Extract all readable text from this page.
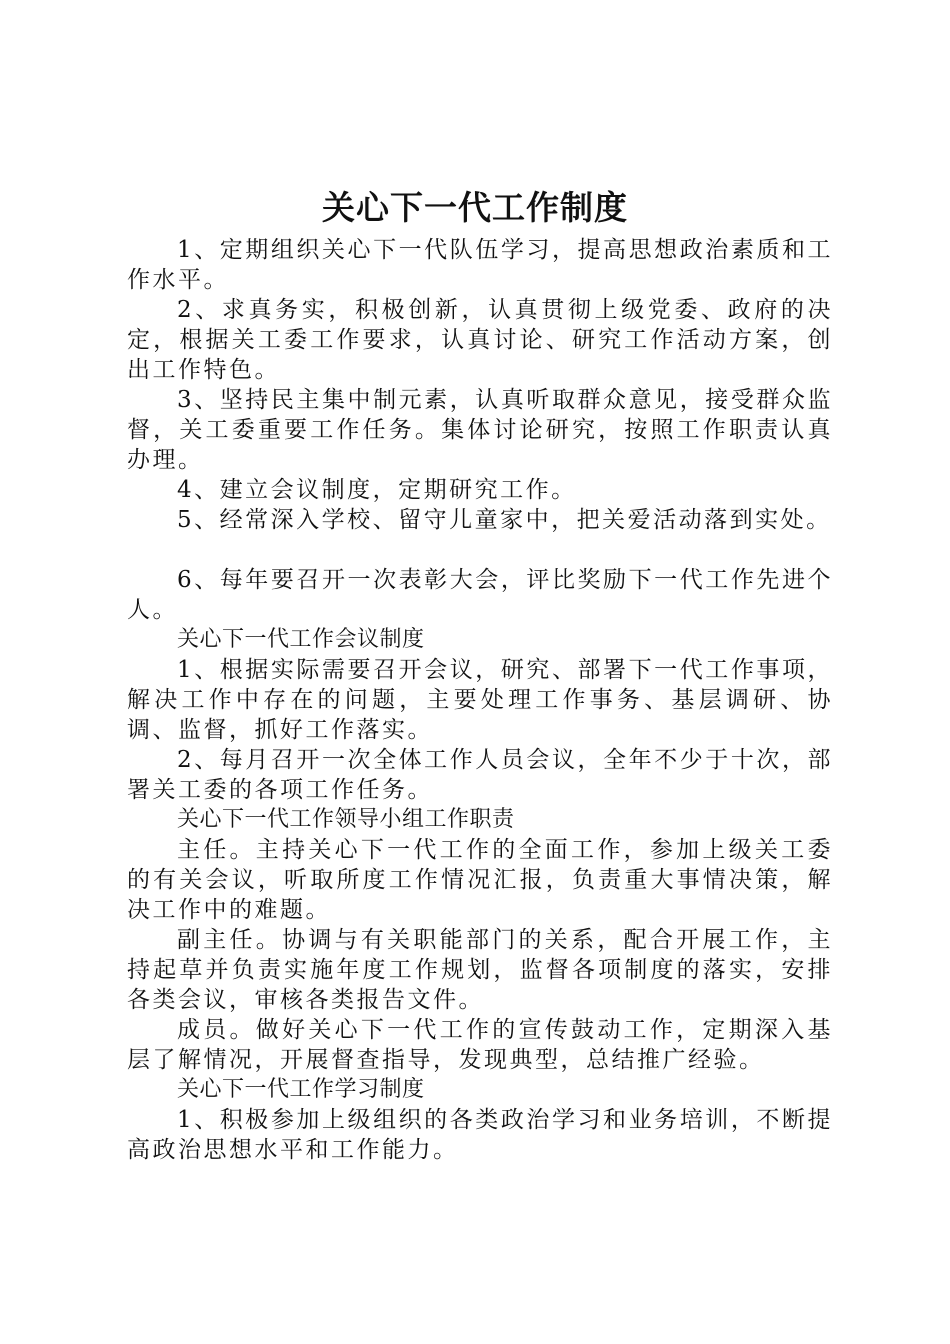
关心下一代工作制度

1、定期组织关心下一代队伍学习，提高思想政治素质和工作水平。

2、求真务实，积极创新，认真贯彻上级党委、政府的决定，根据关工委工作要求，认真讨论、研究工作活动方案，创出工作特色。

3、坚持民主集中制元素，认真听取群众意见，接受群众监督，关工委重要工作任务。集体讨论研究，按照工作职责认真办理。

4、建立会议制度，定期研究工作。

5、经常深入学校、留守儿童家中，把关爱活动落到实处。

6、每年要召开一次表彰大会，评比奖励下一代工作先进个人。

关心下一代工作会议制度

1、根据实际需要召开会议，研究、部署下一代工作事项，解决工作中存在的问题，主要处理工作事务、基层调研、协调、监督，抓好工作落实。

2、每月召开一次全体工作人员会议，全年不少于十次，部署关工委的各项工作任务。

关心下一代工作领导小组工作职责

主任。主持关心下一代工作的全面工作，参加上级关工委的有关会议，听取所度工作情况汇报，负责重大事情决策，解决工作中的难题。

副主任。协调与有关职能部门的关系，配合开展工作，主持起草并负责实施年度工作规划，监督各项制度的落实，安排各类会议，审核各类报告文件。

成员。做好关心下一代工作的宣传鼓动工作，定期深入基层了解情况，开展督查指导，发现典型，总结推广经验。

关心下一代工作学习制度

1、积极参加上级组织的各类政治学习和业务培训，不断提高政治思想水平和工作能力。
